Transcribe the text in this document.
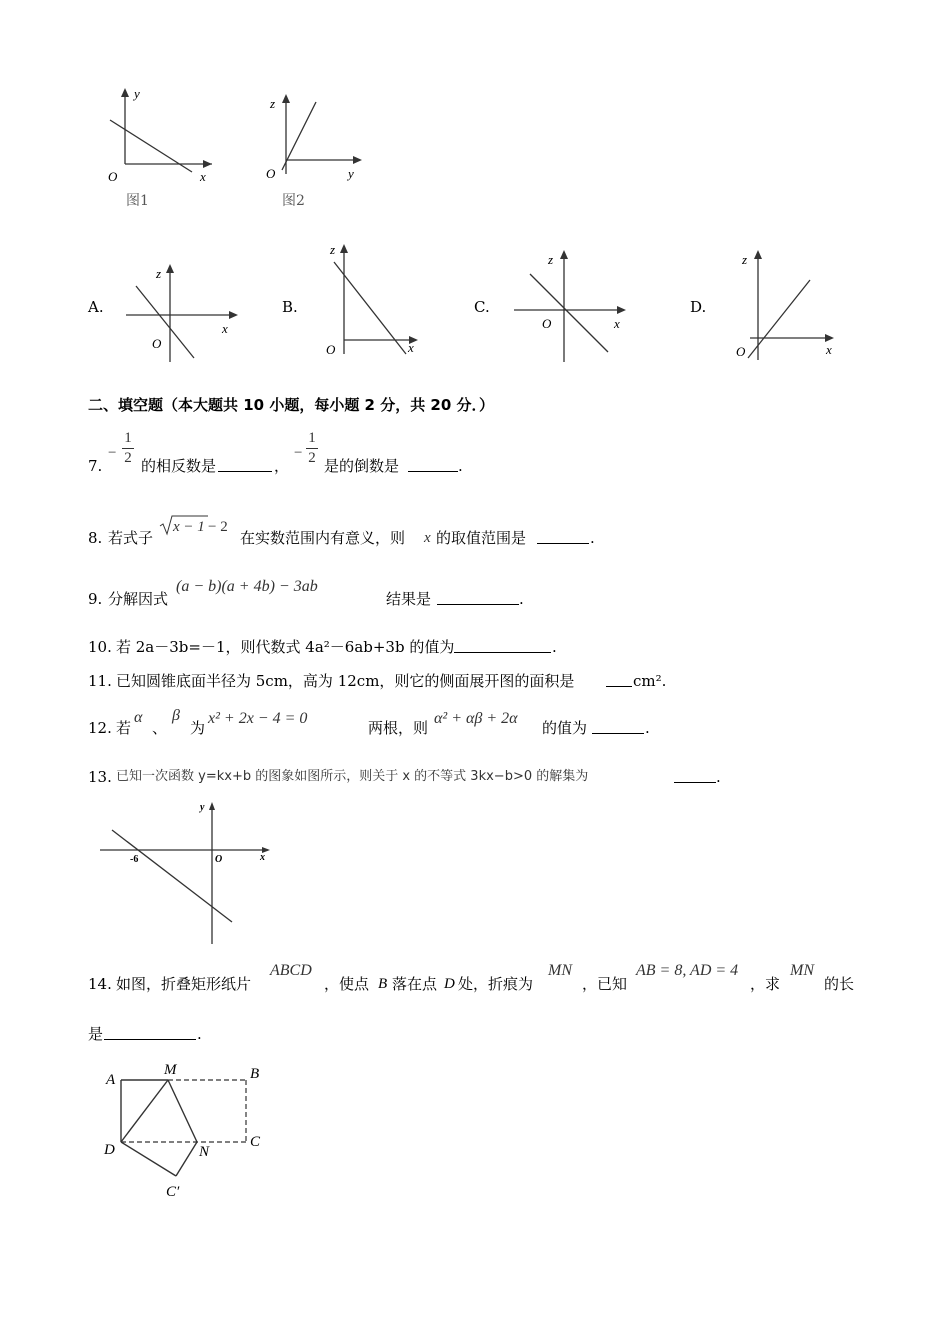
y
x
O
图1
z
y
O
图2
A.
z
x
O
B.
z
x
O
C.
z
x
O
D.
z
x
O
二、填空题（本大题共 10 小题，每小题 2 分，共 20 分．）
7.
−
1
2 的相反数是	，
−
1
2 是的倒数是	.
8. 若式子
x − 1 − 2
在实数范围内有意义，则 x 的取值范围是	.
9. 分解因式
(a − b)(a + 4b) − 3ab
结果是	.
10. 若 2a－3b=－1，则代数式 4a²－6ab+3b 的值为	.
11. 已知圆锥底面半径为 5cm，高为 12cm，则它的侧面展开图的面积是	cm².
12. 若
α
、
β
为
x² + 2x − 4 = 0
两根，则
α² + αβ + 2α
的值为	.
13. 已知一次函数 y=kx+b 的图象如图所示，则关于 x 的不等式 3kx−b>0 的解集为	.
y
x
O
-6
14. 如图，折叠矩形纸片
ABCD
，使点 B 落在点 D 处，折痕为
MN
，已知
AB = 8, AD = 4
，求
MN
的长
是	.
A
M	B
D	C
N
C′
